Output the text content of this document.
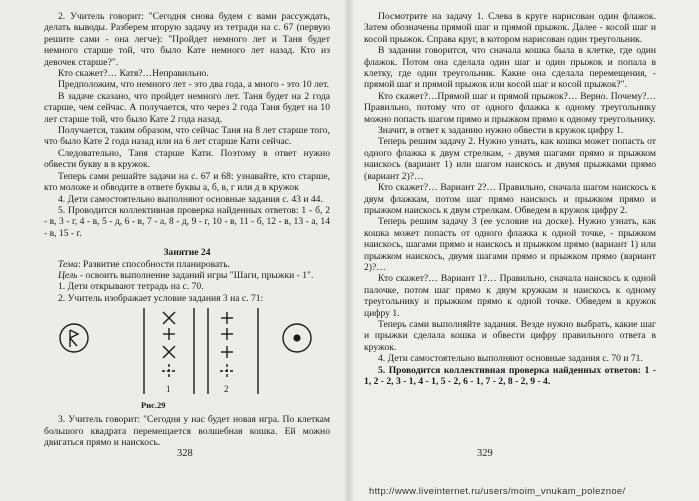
2. Учитель говорит: "Сегодня снова будем с вами рассуждать, делать выводы. Разберем вторую задачу из тетради на с. 67 (первую решите сами - она легче): "Пройдет немного лет и Таня будет немного старше той, что было Кате немного лет назад. Кто из девочек старше?".

Кто скажет?… Катя?…Неправильно.

Предположим, что немного лет - это два года, а много - это 10 лет.

В задаче сказано, что пройдет немного лет. Таня будет на 2 года старше, чем сейчас. А получается, что через 2 года Таня будет на 10 лет старше той, что было Кате 2 года назад.

Получается, таким образом, что сейчас Таня на 8 лет старше того, что было Кате 2 года назад или на 6 лет старше Кати сейчас.

Следовательно, Таня старше Кати. Поэтому в ответ нужно обвести букву в в кружок.

Теперь сами решайте задачи на с. 67 и 68: узнавайте, кто старше, кто моложе и обводите в ответе буквы а, б, в, г или д в кружок

4. Дети самостоятельно выполняют основные задания с. 43 и 44.

5. Проводится коллективная проверка найденных ответов: 1 - б, 2 - в, 3 - г, 4 - в, 5 - д, 6 - в, 7 - а, 8 - д, 9 - г, 10 - в, 11 - б, 12 - в, 13 - а, 14 - в, 15 - г.

Занятие 24

Тема: Развитие способности планировать.

Цель - освоить выполнение заданий игры "Шаги, прыжки - 1".

1. Дети открывают тетрадь на с. 70.

2. Учитель изображает условие задания 3 на с. 71:

1	2
Рис.29

3. Учитель говорит: "Сегодня у нас будет новая игра. По клеткам большого квадрата перемещается волшебная кошка. Ей можно двигаться прямо и наискось.

328

Посмотрите на задачу 1. Слева в круге нарисован один флажок. Затем обозначены прямой шаг и прямой прыжок. Далее - косой шаг и косой прыжок. Справа круг, в котором нарисован один треугольник.

В задании говорится, что сначала кошка была в клетке, где один флажок. Потом она сделала один шаг и один прыжок и попала в клетку, где один треугольник. Какие она сделала перемещения, - прямой шаг и прямой прыжок или косой шаг и косой прыжок?".

Кто скажет?…Прямой шаг и прямой прыжок?… Верно. Почему?… Правильно, потому что от одного флажка к одному треугольнику можно попасть шагом прямо и прыжком прямо к одному треугольнику.

Значит, в ответ к заданию нужно обвести в кружок цифру 1.

Теперь решим задачу 2. Нужно узнать, как кошка может попасть от одного флажка к двум стрелкам, - двумя шагами прямо и прыжком наискось (вариант 1) или шагом наискось и двумя прыжками прямо (вариант 2)?…

Кто скажет?… Вариант 2?… Правильно, сначала шагом наискось к двум флажкам, потом шаг прямо наискось и прыжком прямо и прыжком наискось к двум стрелкам. Обведем в кружок цифру 2.

Теперь решим задачу 3 (ее условие на доске). Нужно узнать, как кошка может попасть от одного флажка к одной точке, - прыжком наискось, шагами прямо и наискось и прыжком прямо (вариант 1) или прыжком наискось, двумя шагами прямо и прыжком прямо (вариант 2)?…

Кто скажет?… Вариант 1?… Правильно, сначала наискось к одной палочке, потом шаг прямо к двум кружкам и наискось к одному треугольнику и прыжком прямо к одной точке. Обведем в кружок цифру 1.

Теперь сами выполняйте задания. Везде нужно выбрать, какие шаг и прыжки сделала кошка и обвести цифру правильного ответа в кружок.

4. Дети самостоятельно выполняют основные задания с. 70 и 71.

5. Проводится коллективная проверка найденных ответов: 1 - 1, 2 - 2, 3 - 1, 4 - 1, 5 - 2, 6 - 1, 7 - 2, 8 - 2, 9 - 4.

329
http://www.liveinternet.ru/users/moim_vnukam_poleznoe/
